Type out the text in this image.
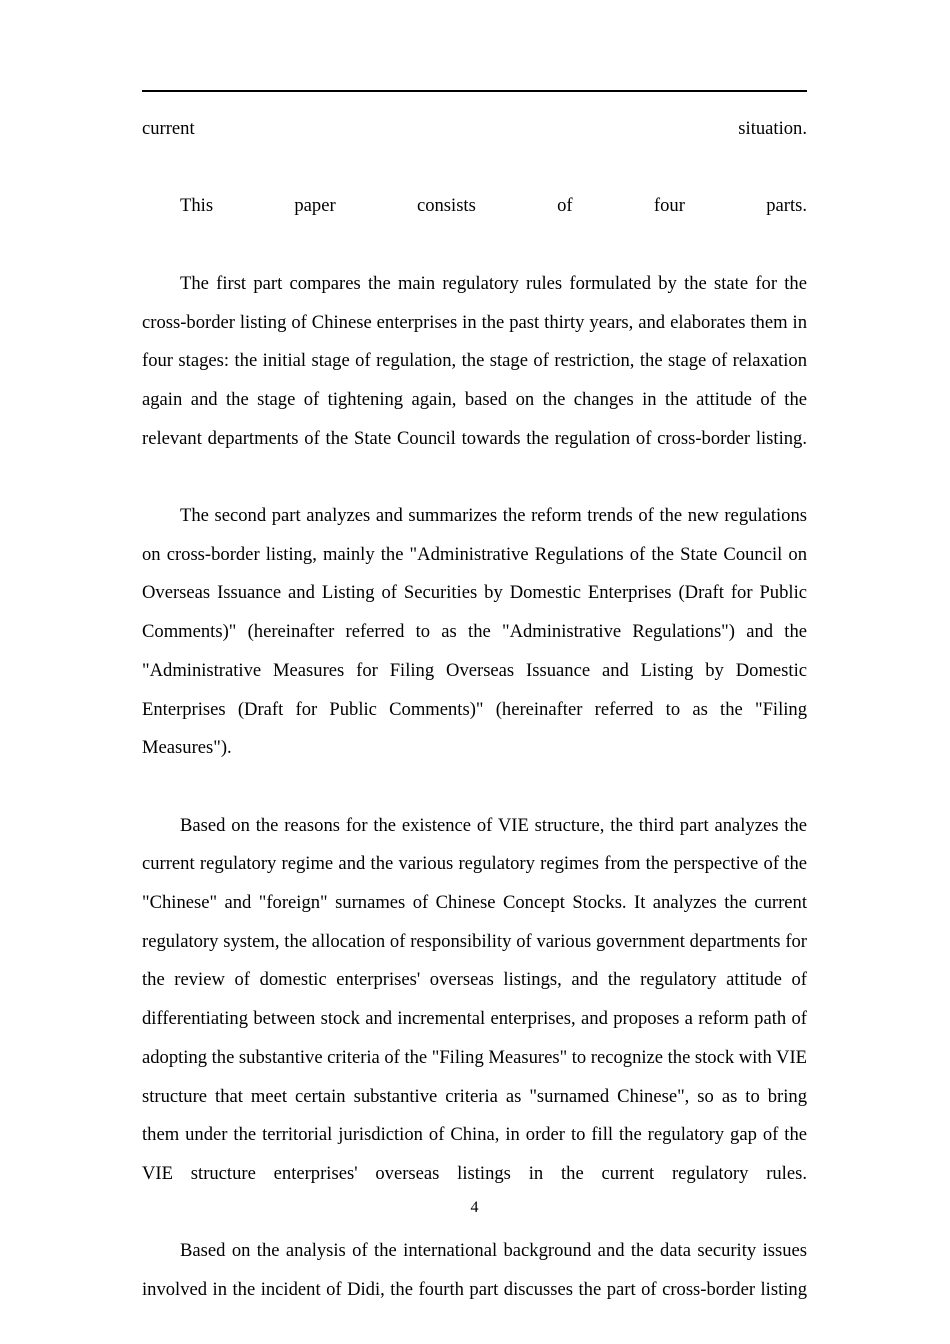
current situation.

This paper consists of four parts.

The first part compares the main regulatory rules formulated by the state for the cross-border listing of Chinese enterprises in the past thirty years, and elaborates them in four stages: the initial stage of regulation, the stage of restriction, the stage of relaxation again and the stage of tightening again, based on the changes in the attitude of the relevant departments of the State Council towards the regulation of cross-border listing.

The second part analyzes and summarizes the reform trends of the new regulations on cross-border listing, mainly the "Administrative Regulations of the State Council on Overseas Issuance and Listing of Securities by Domestic Enterprises (Draft for Public Comments)" (hereinafter referred to as the "Administrative Regulations") and the "Administrative Measures for Filing Overseas Issuance and Listing by Domestic Enterprises (Draft for Public Comments)" (hereinafter referred to as the "Filing Measures").

Based on the reasons for the existence of VIE structure, the third part analyzes the current regulatory regime and the various regulatory regimes from the perspective of the "Chinese" and "foreign" surnames of Chinese Concept Stocks. It analyzes the current regulatory system, the allocation of responsibility of various government departments for the review of domestic enterprises' overseas listings, and the regulatory attitude of differentiating between stock and incremental enterprises, and proposes a reform path of adopting the substantive criteria of the "Filing Measures" to recognize the stock with VIE structure that meet certain substantive criteria as "surnamed Chinese", so as to bring them under the territorial jurisdiction of China, in order to fill the regulatory gap of the VIE structure enterprises' overseas listings in the current regulatory rules.

Based on the analysis of the international background and the data security issues involved in the incident of Didi, the fourth part discusses the part of cross-border listing

4
